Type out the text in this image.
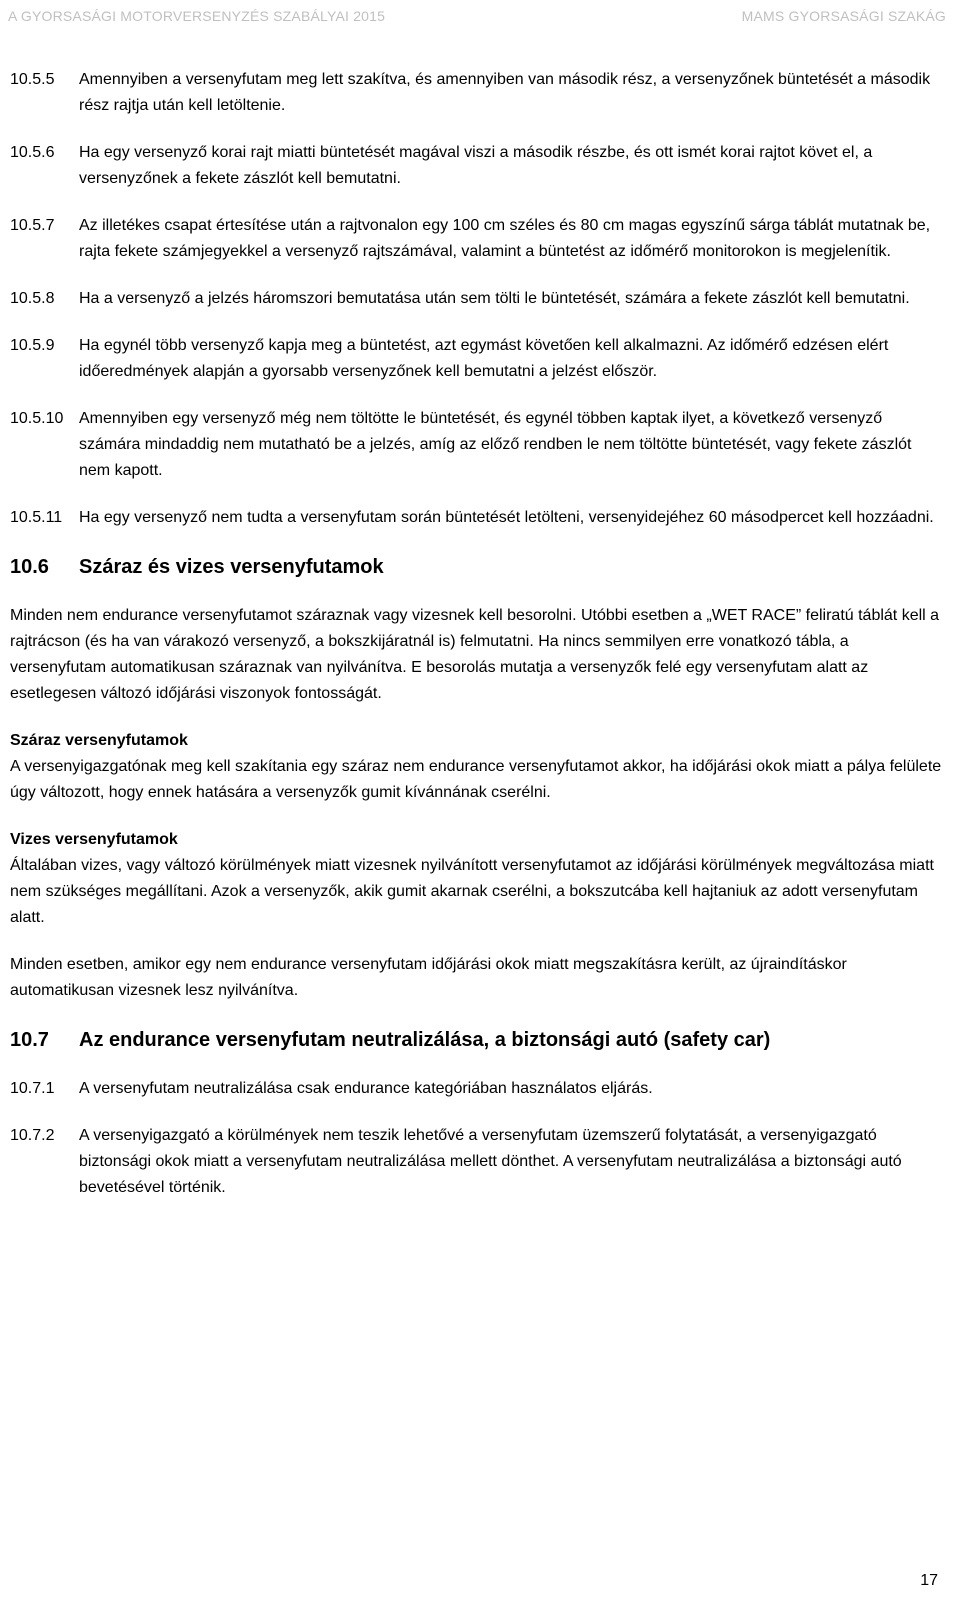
A GYORSASÁGI MOTORVERSENYZÉS SZABÁLYAI 2015	MAMS GYORSASÁGI SZAKÁG
10.5.5 Amennyiben a versenyfutam meg lett szakítva, és amennyiben van második rész, a versenyzőnek büntetését a második rész rajtja után kell letöltenie.
10.5.6 Ha egy versenyző korai rajt miatti büntetését magával viszi a második részbe, és ott ismét korai rajtot követ el, a versenyzőnek a fekete zászlót kell bemutatni.
10.5.7 Az illetékes csapat értesítése után a rajtvonalon egy 100 cm széles és 80 cm magas egyszínű sárga táblát mutatnak be, rajta fekete számjegyekkel a versenyző rajtszámával, valamint a büntetést az időmérő monitorokon is megjelenítik.
10.5.8 Ha a versenyző a jelzés háromszori bemutatása után sem tölti le büntetését, számára a fekete zászlót kell bemutatni.
10.5.9 Ha egynél több versenyző kapja meg a büntetést, azt egymást követően kell alkalmazni. Az időmérő edzésen elért időeredmények alapján a gyorsabb versenyzőnek kell bemutatni a jelzést először.
10.5.10 Amennyiben egy versenyző még nem töltötte le büntetését, és egynél többen kaptak ilyet, a következő versenyző számára mindaddig nem mutatható be a jelzés, amíg az előző rendben le nem töltötte büntetését, vagy fekete zászlót nem kapott.
10.5.11 Ha egy versenyző nem tudta a versenyfutam során büntetését letölteni, versenyidejéhez 60 másodpercet kell hozzáadni.
10.6 Száraz és vizes versenyfutamok

Minden nem endurance versenyfutamot száraznak vagy vizesnek kell besorolni. Utóbbi esetben a „WET RACE” feliratú táblát kell a rajtrácson (és ha van várakozó versenyző, a bokszkijáratnál is) felmutatni. Ha nincs semmilyen erre vonatkozó tábla, a versenyfutam automatikusan száraznak van nyilvánítva. E besorolás mutatja a versenyzők felé egy versenyfutam alatt az esetlegesen változó időjárási viszonyok fontosságát.

Száraz versenyfutamok

A versenyigazgatónak meg kell szakítania egy száraz nem endurance versenyfutamot akkor, ha időjárási okok miatt a pálya felülete úgy változott, hogy ennek hatására a versenyzők gumit kívánnának cserélni.

Vizes versenyfutamok

Általában vizes, vagy változó körülmények miatt vizesnek nyilvánított versenyfutamot az időjárási körülmények megváltozása miatt nem szükséges megállítani. Azok a versenyzők, akik gumit akarnak cserélni, a bokszutcába kell hajtaniuk az adott versenyfutam alatt.

Minden esetben, amikor egy nem endurance versenyfutam időjárási okok miatt megszakításra került, az újraindításkor automatikusan vizesnek lesz nyilvánítva.

10.7 Az endurance versenyfutam neutralizálása, a biztonsági autó (safety car)
10.7.1 A versenyfutam neutralizálása csak endurance kategóriában használatos eljárás.
10.7.2 A versenyigazgató a körülmények nem teszik lehetővé a versenyfutam üzemszerű folytatását, a versenyigazgató biztonsági okok miatt a versenyfutam neutralizálása mellett dönthet. A versenyfutam neutralizálása a biztonsági autó bevetésével történik.
17
